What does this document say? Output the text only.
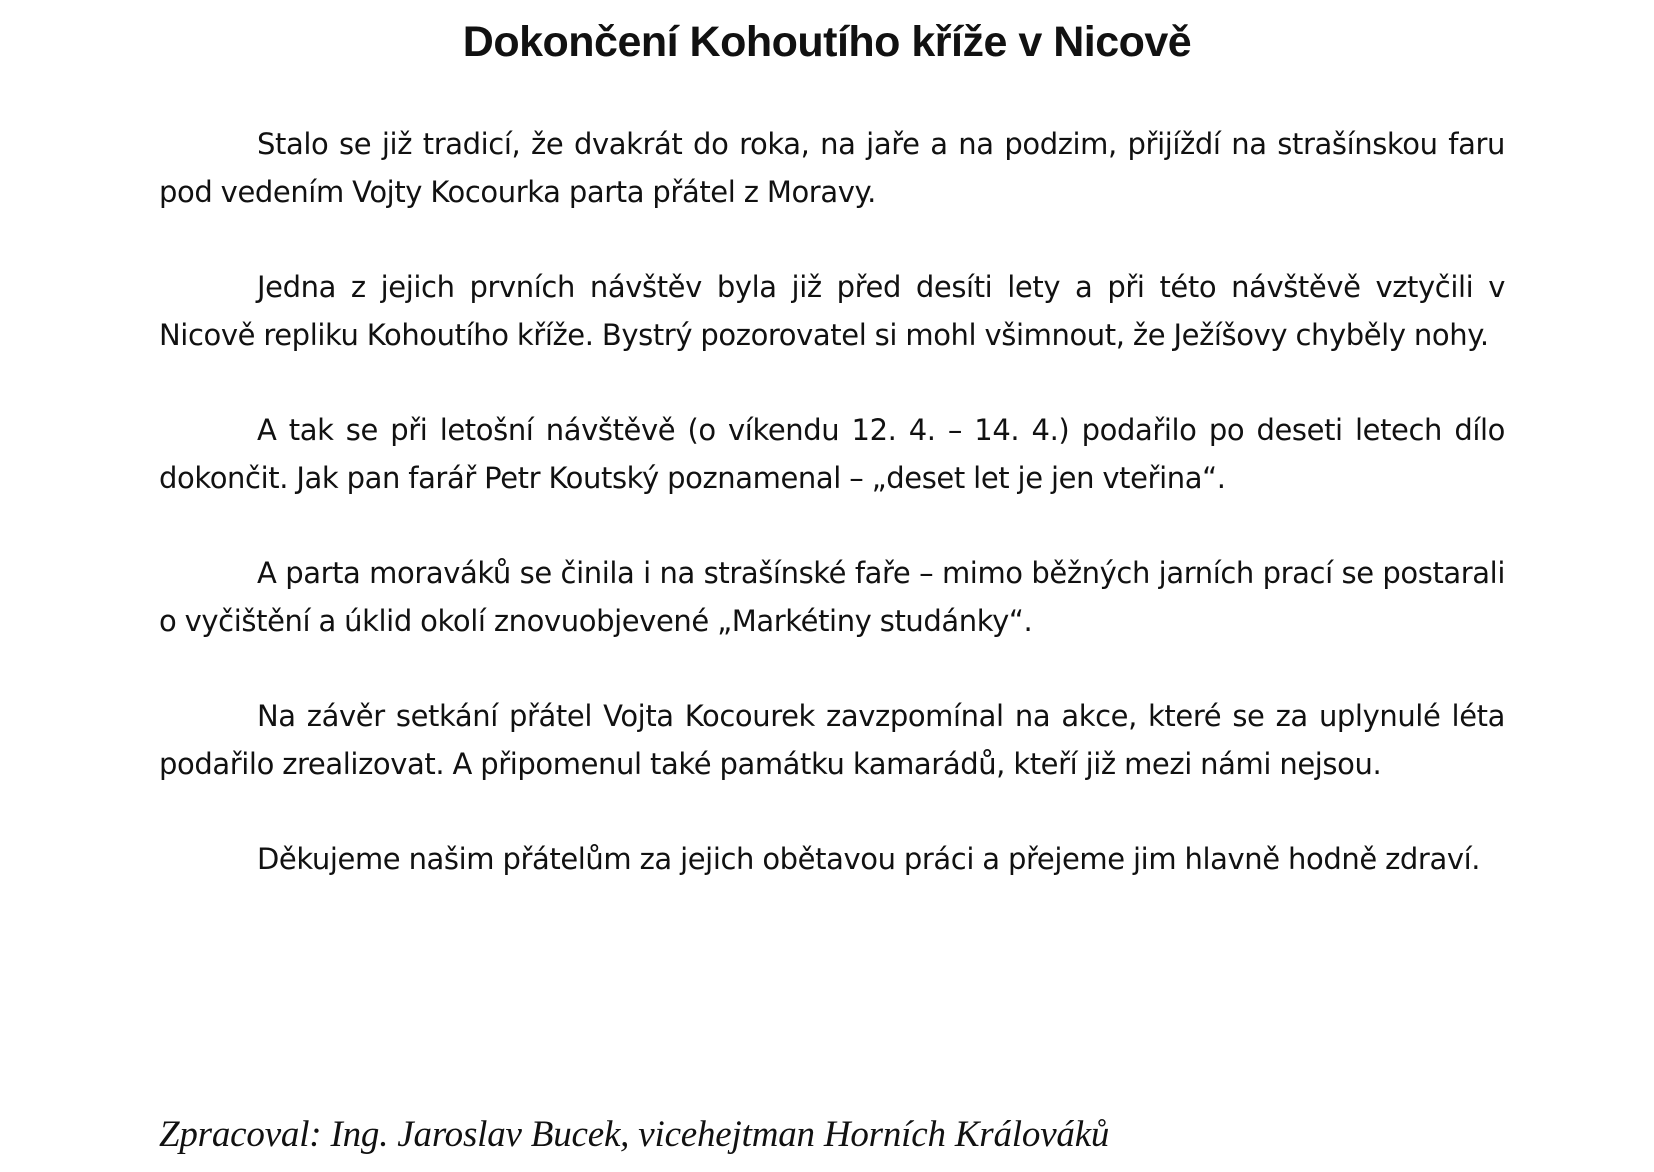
Dokončení Kohoutího kříže v Nicově

Stalo se již tradicí, že dvakrát do roka, na jaře a na podzim, přijíždí na strašínskou faru pod vedením Vojty Kocourka parta přátel z Moravy.

Jedna z jejich prvních návštěv byla již před desíti lety a při této návštěvě vztyčili v Nicově repliku Kohoutího kříže. Bystrý pozorovatel si mohl všimnout, že Ježíšovy chyběly nohy.

A tak se při letošní návštěvě (o víkendu 12. 4. – 14. 4.) podařilo po deseti letech dílo dokončit. Jak pan farář Petr Koutský poznamenal – „deset let je jen vteřina“.

A parta moraváků se činila i na strašínské faře – mimo běžných jarních prací se postarali o vyčištění a úklid okolí znovuobjevené „Markétiny studánky“.

Na závěr setkání přátel Vojta Kocourek zavzpomínal na akce, které se za uplynulé léta podařilo zrealizovat. A připomenul také památku kamarádů, kteří již mezi námi nejsou.

Děkujeme našim přátelům za jejich obětavou práci a přejeme jim hlavně hodně zdraví.

Zpracoval: Ing. Jaroslav Bucek, vicehejtman Horních Králováků
